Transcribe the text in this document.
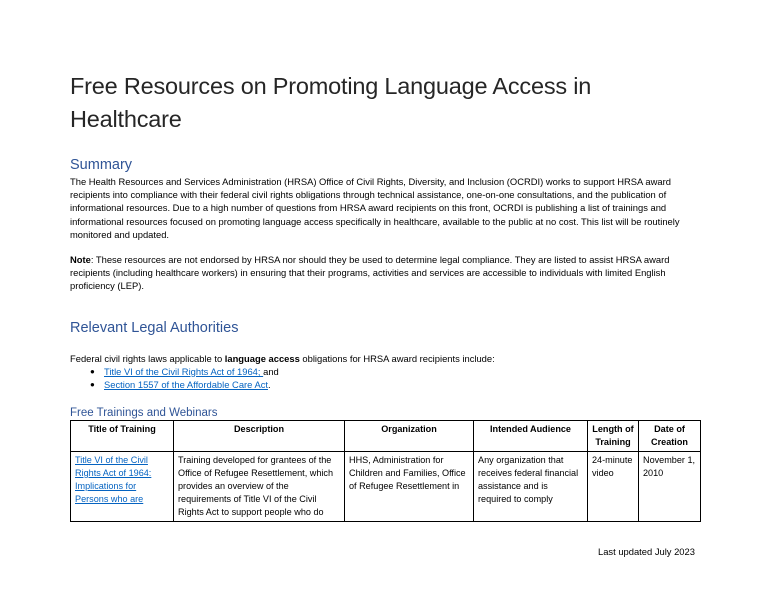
Free Resources on Promoting Language Access in Healthcare
Summary

The Health Resources and Services Administration (HRSA) Office of Civil Rights, Diversity, and Inclusion (OCRDI) works to support HRSA award recipients into compliance with their federal civil rights obligations through technical assistance, one-on-one consultations, and the publication of informational resources. Due to a high number of questions from HRSA award recipients on this front, OCRDI is publishing a list of trainings and informational resources focused on promoting language access specifically in healthcare, available to the public at no cost. This list will be routinely monitored and updated.

Note: These resources are not endorsed by HRSA nor should they be used to determine legal compliance. They are listed to assist HRSA award recipients (including healthcare workers) in ensuring that their programs, activities and services are accessible to individuals with limited English proficiency (LEP).

Relevant Legal Authorities

Federal civil rights laws applicable to language access obligations for HRSA award recipients include:

● Title VI of the Civil Rights Act of 1964; and
● Section 1557 of the Affordable Care Act.
Free Trainings and Webinars
Title of Training	Description	Organization	Intended Audience	Length of Training	Date of Creation
Title VI of the Civil Rights Act of 1964: Implications for Persons who are	Training developed for grantees of the Office of Refugee Resettlement, which provides an overview of the requirements of Title VI of the Civil Rights Act to support people who do	HHS, Administration for Children and Families, Office of Refugee Resettlement in	Any organization that receives federal financial assistance and is required to comply	24-minute video	November 1, 2010
Last updated July 2023
